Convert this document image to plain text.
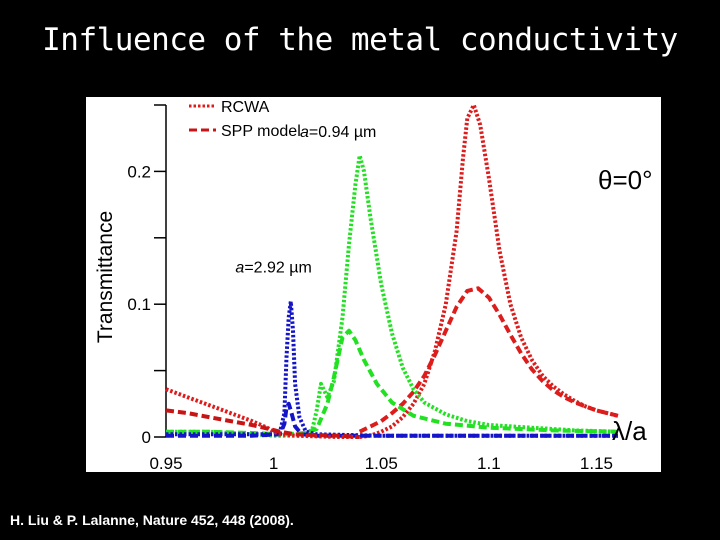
Influence of the metal conductivity
0
0.1
0.2
0.95	1	1.05	1.1	1.15
RCWA
SPP model
Transmittance
θ=0°
λ/a
a=0.68 µm
a=0.94 µm
a=2.92 µm
H. Liu & P. Lalanne, Nature 452, 448 (2008).
